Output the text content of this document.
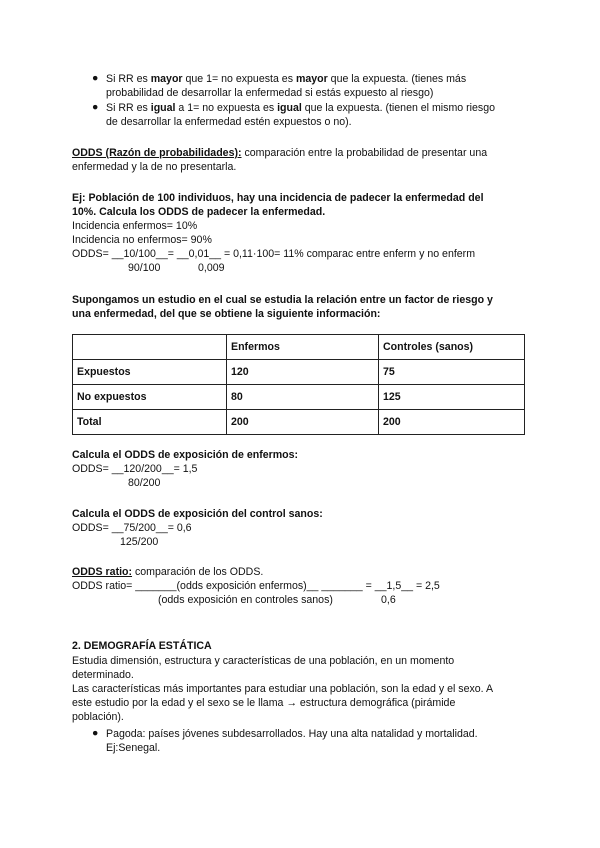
● Si RR es mayor que 1= no expuesta es mayor que la expuesta. (tienes más
probabilidad de desarrollar la enfermedad si estás expuesto al riesgo)
● Si RR es igual a 1= no expuesta es igual que la expuesta. (tienen el mismo riesgo
de desarrollar la enfermedad estén expuestos o no).
ODDS (Razón de probabilidades): comparación entre la probabilidad de presentar una
enfermedad y la de no presentarla.
Ej: Población de 100 individuos, hay una incidencia de padecer la enfermedad del
10%. Calcula los ODDS de padecer la enfermedad.
Incidencia enfermos= 10%
Incidencia no enfermos= 90%
ODDS= __10/100__= __0,01__ = 0,11·100= 11% comparac entre enferm y no enferm
90/100	0,009
Supongamos un estudio en el cual se estudia la relación entre un factor de riesgo y
una enfermedad, del que se obtiene la siguiente información:
	Enfermos	Controles (sanos)
Expuestos	120	75
No expuestos	80	125
Total	200	200
Calcula el ODDS de exposición de enfermos:
ODDS= __120/200__= 1,5
80/200
Calcula el ODDS de exposición del control sanos:
ODDS= __75/200__= 0,6
125/200
ODDS ratio: comparación de los ODDS.
ODDS ratio= _______(odds exposición enfermos)__ _______ = __1,5__ = 2,5
(odds exposición en controles sanos)	0,6
2. DEMOGRAFÍA ESTÁTICA
Estudia dimensión, estructura y características de una población, en un momento
determinado.
Las características más importantes para estudiar una población, son la edad y el sexo. A
este estudio por la edad y el sexo se le llama → estructura demográfica (pirámide
población).
● Pagoda: países jóvenes subdesarrollados. Hay una alta natalidad y mortalidad.
Ej:Senegal.
